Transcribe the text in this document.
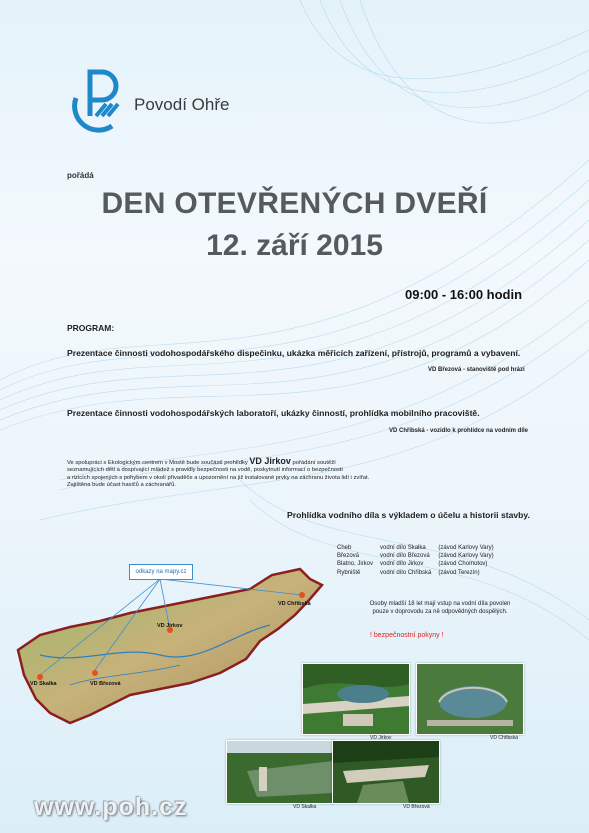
Povodí Ohře
pořádá
DEN OTEVŘENÝCH DVEŘÍ
12. září 2015
09:00 - 16:00 hodin
PROGRAM:
Prezentace činnosti vodohospodářského dispečinku, ukázka měřicích zařízení, přístrojů, programů a vybavení.
VD Březová - stanoviště pod hrází
Prezentace činnosti vodohospodářských laboratoří, ukázky činností, prohlídka mobilního pracoviště.
VD Chřibská - vozidlo k prohlídce na vodním díle
Ve spolupráci s Ekologickým centrem v Mostě bude součástí prohlídky VD Jirkov pořádání soutěží
seznamujících děti a dospívající mládež s pravidly bezpečnosti na vodě, poskytnutí informací o bezpečnosti
a rizicích spojených s pohybem v okolí přivaděče a upozornění na již instalované prvky na záchranu života lidí i zvířat.
Zajištěna bude účast hasičů a záchranářů.
Prohlídka vodního díla s výkladem o účelu a historii stavby.
Cheb	vodní dílo Skalka	(závod Karlovy Vary)
Březová	vodní dílo Březová	(závod Karlovy Vary)
Blatno, Jirkov	vodní dílo Jirkov	(závod Chomutov)
Rybniště	vodní dílo Chřibská	(závod Terezín)
Osoby mladší 18 let mají vstup na vodní díla povolen
pouze v doprovodu za ně odpovědných dospělých.
! bezpečnostní pokyny !
VD Chřibská
VD Jirkov
VD Březová
VD Skalka
odkazy na mapy.cz
VD Jirkov	VD Chřibská
VD Skalka	VD Březová
www.poh.cz
